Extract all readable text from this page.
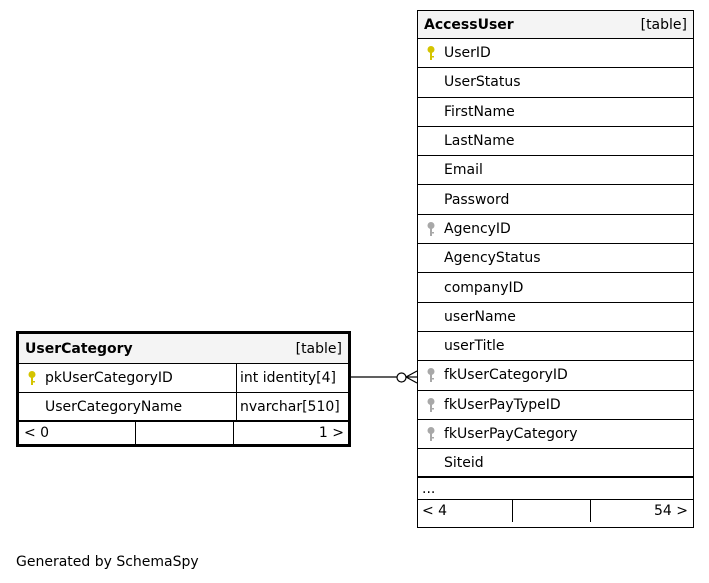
AccessUser	[table]
UserID
UserStatus
FirstName
LastName
Email
Password
AgencyID
AgencyStatus
companyID
userName
userTitle
fkUserCategoryID
fkUserPayTypeID
fkUserPayCategory
Siteid
...
< 4	54 >
UserCategory	[table]
pkUserCategoryID	int identity[4]
UserCategoryName	nvarchar[510]
< 0	1 >
Generated by SchemaSpy
